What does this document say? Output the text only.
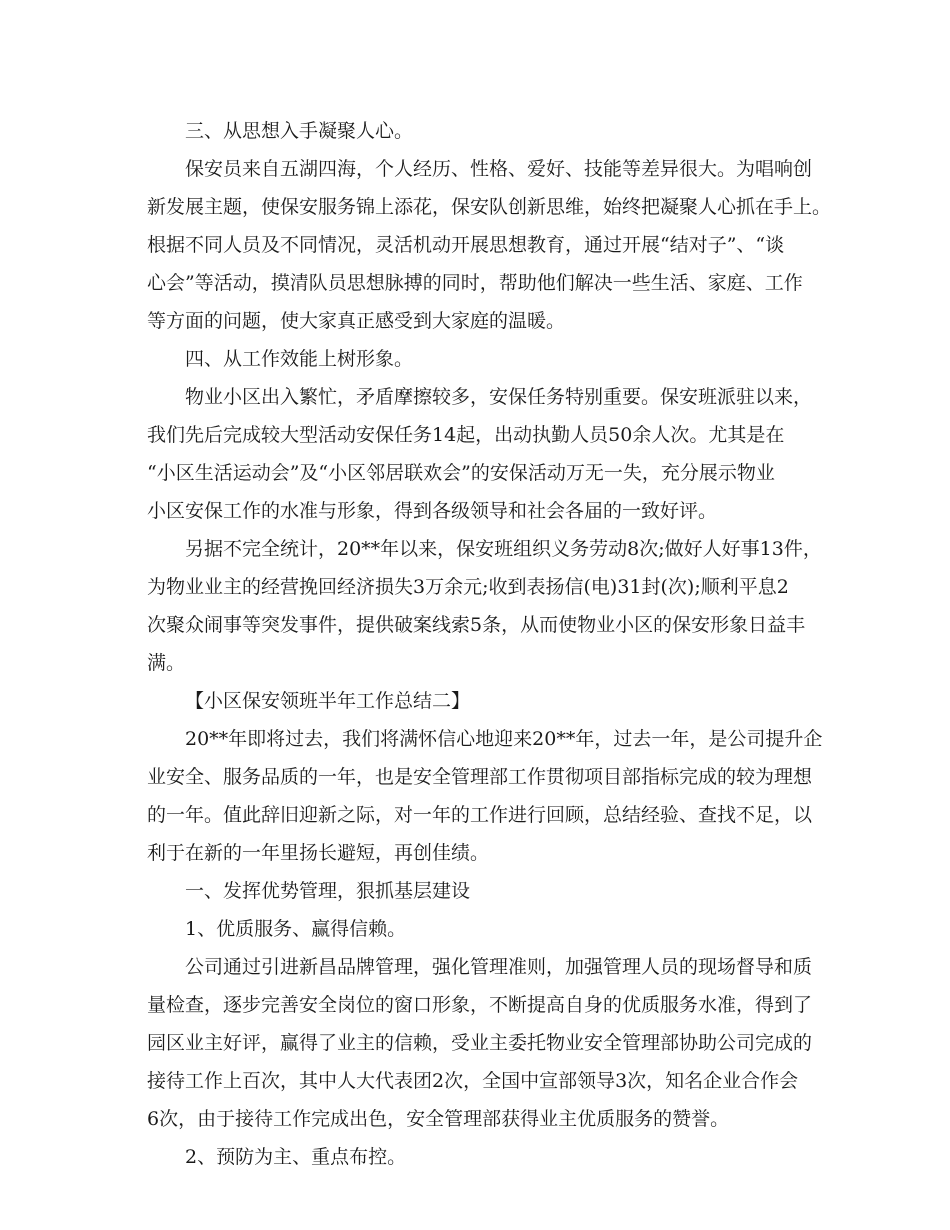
三、从思想入手凝聚人心。

保安员来自五湖四海，个人经历、性格、爱好、技能等差异很大。为唱响创

新发展主题，使保安服务锦上添花，保安队创新思维，始终把凝聚人心抓在手上。

根据不同人员及不同情况，灵活机动开展思想教育，通过开展“结对子”、“谈

心会”等活动，摸清队员思想脉搏的同时，帮助他们解决一些生活、家庭、工作

等方面的问题，使大家真正感受到大家庭的温暖。

四、从工作效能上树形象。

物业小区出入繁忙，矛盾摩擦较多，安保任务特别重要。保安班派驻以来，

我们先后完成较大型活动安保任务14起，出动执勤人员50余人次。尤其是在

“小区生活运动会”及“小区邻居联欢会”的安保活动万无一失，充分展示物业

小区安保工作的水准与形象，得到各级领导和社会各届的一致好评。

另据不完全统计，20**年以来，保安班组织义务劳动8次;做好人好事13件，

为物业业主的经营挽回经济损失3万余元;收到表扬信(电)31封(次);顺利平息2

次聚众闹事等突发事件，提供破案线索5条，从而使物业小区的保安形象日益丰

满。

【小区保安领班半年工作总结二】

20**年即将过去，我们将满怀信心地迎来20**年，过去一年，是公司提升企

业安全、服务品质的一年，也是安全管理部工作贯彻项目部指标完成的较为理想

的一年。值此辞旧迎新之际，对一年的工作进行回顾，总结经验、查找不足，以

利于在新的一年里扬长避短，再创佳绩。

一、发挥优势管理，狠抓基层建设

1、优质服务、赢得信赖。

公司通过引进新昌品牌管理，强化管理准则，加强管理人员的现场督导和质

量检查，逐步完善安全岗位的窗口形象，不断提高自身的优质服务水准，得到了

园区业主好评，赢得了业主的信赖，受业主委托物业安全管理部协助公司完成的

接待工作上百次，其中人大代表团2次，全国中宣部领导3次，知名企业合作会

6次，由于接待工作完成出色，安全管理部获得业主优质服务的赞誉。

2、预防为主、重点布控。
